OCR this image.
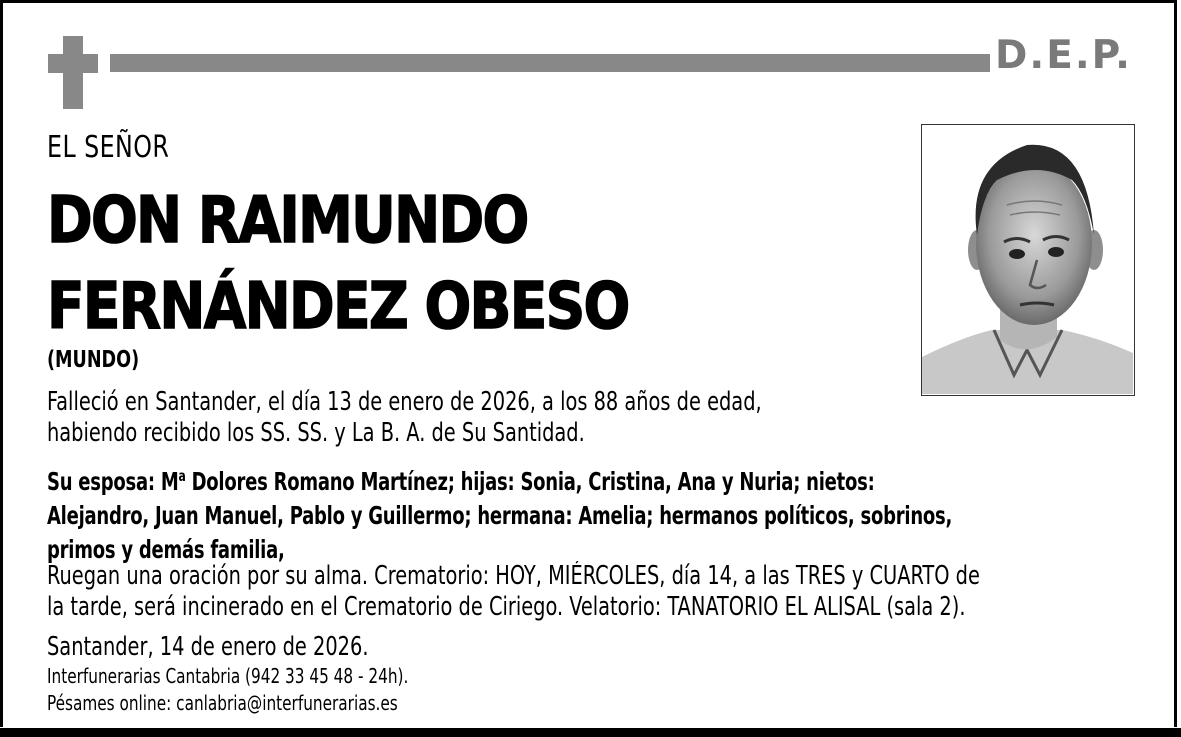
D.E.P.
EL SEÑOR
DON RAIMUNDO
FERNÁNDEZ OBESO
(MUNDO)
Falleció en Santander, el día 13 de enero de 2026, a los 88 años de edad,
habiendo recibido los SS. SS. y La B. A. de Su Santidad.
Su esposa: $M^a$ Dolores Romano Martínez; hijas: Sonia, Cristina, Ana y Nuria; nietos:
Alejandro, Juan Manuel, Pablo y Guillermo; hermana: Amelia; hermanos políticos, sobrinos,
primos y demás familia,
Ruegan una oración por su alma. Crematorio: HOY, MIÉRCOLES, día 14, a las TRES y CUARTO de
la tarde, será incinerado en el Crematorio de Ciriego. Velatorio: TANATORIO EL ALISAL (sala 2).
Santander, 14 de enero de 2026.
Interfunerarias Cantabria (942 33 45 48 - 24h).
Pésames online: canlabria@interfunerarias.es
